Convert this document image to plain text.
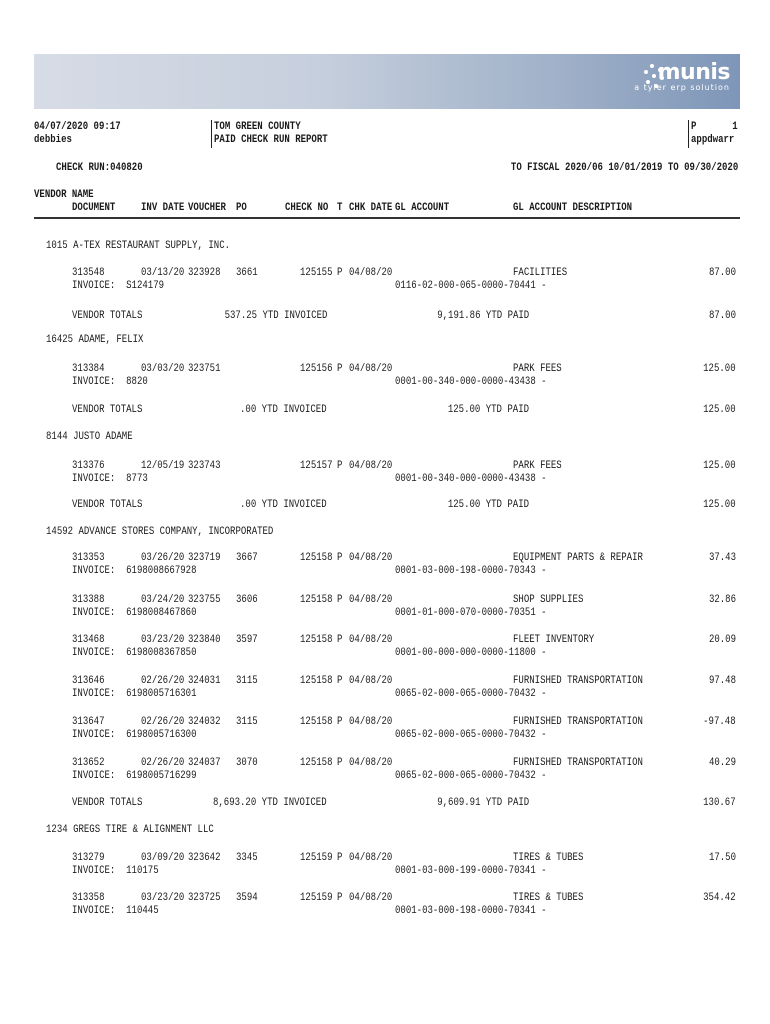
munis
a tyler erp solution
04/07/2020 09:17
debbies
TOM GREEN COUNTY
PAID CHECK RUN REPORT
P	1
appdwarr
CHECK RUN:040820	TO FISCAL 2020/06 10/01/2019 TO 09/30/2020
VENDOR NAME
DOCUMENT INV DATE VOUCHER PO	CHECK NO T CHK DATE GL ACCOUNT	GL ACCOUNT DESCRIPTION
1015 A-TEX RESTAURANT SUPPLY, INC.
313548	03/13/20 323928 3661	125155 P 04/08/20	FACILITIES	87.00
INVOICE:  S124179	0116-02-000-065-0000-70441 -
VENDOR TOTALS	537.25 YTD INVOICED	9,191.86 YTD PAID	87.00
16425 ADAME, FELIX
313384	03/03/20 323751	125156 P 04/08/20	PARK FEES	125.00
INVOICE:  8820	0001-00-340-000-0000-43438 -
VENDOR TOTALS	.00 YTD INVOICED	125.00 YTD PAID	125.00
8144 JUSTO ADAME
313376	12/05/19 323743	125157 P 04/08/20	PARK FEES	125.00
INVOICE:  8773	0001-00-340-000-0000-43438 -
VENDOR TOTALS	.00 YTD INVOICED	125.00 YTD PAID	125.00
14592 ADVANCE STORES COMPANY, INCORPORATED
313353	03/26/20 323719 3667	125158 P 04/08/20	EQUIPMENT PARTS & REPAIR	37.43
INVOICE:  6198008667928	0001-03-000-198-0000-70343 -
313388	03/24/20 323755 3606	125158 P 04/08/20	SHOP SUPPLIES	32.86
INVOICE:  6198008467860	0001-01-000-070-0000-70351 -
313468	03/23/20 323840 3597	125158 P 04/08/20	FLEET INVENTORY	20.09
INVOICE:  6198008367850	0001-00-000-000-0000-11800 -
313646	02/26/20 324031 3115	125158 P 04/08/20	FURNISHED TRANSPORTATION	97.48
INVOICE:  6198005716301	0065-02-000-065-0000-70432 -
313647	02/26/20 324032 3115	125158 P 04/08/20	FURNISHED TRANSPORTATION	-97.48
INVOICE:  6198005716300	0065-02-000-065-0000-70432 -
313652	02/26/20 324037 3070	125158 P 04/08/20	FURNISHED TRANSPORTATION	40.29
INVOICE:  6198005716299	0065-02-000-065-0000-70432 -
VENDOR TOTALS	8,693.20 YTD INVOICED	9,609.91 YTD PAID	130.67
1234 GREGS TIRE & ALIGNMENT LLC
313279	03/09/20 323642 3345	125159 P 04/08/20	TIRES & TUBES	17.50
INVOICE:  110175	0001-03-000-199-0000-70341 -
313358	03/23/20 323725 3594	125159 P 04/08/20	TIRES & TUBES	354.42
INVOICE:  110445	0001-03-000-198-0000-70341 -
